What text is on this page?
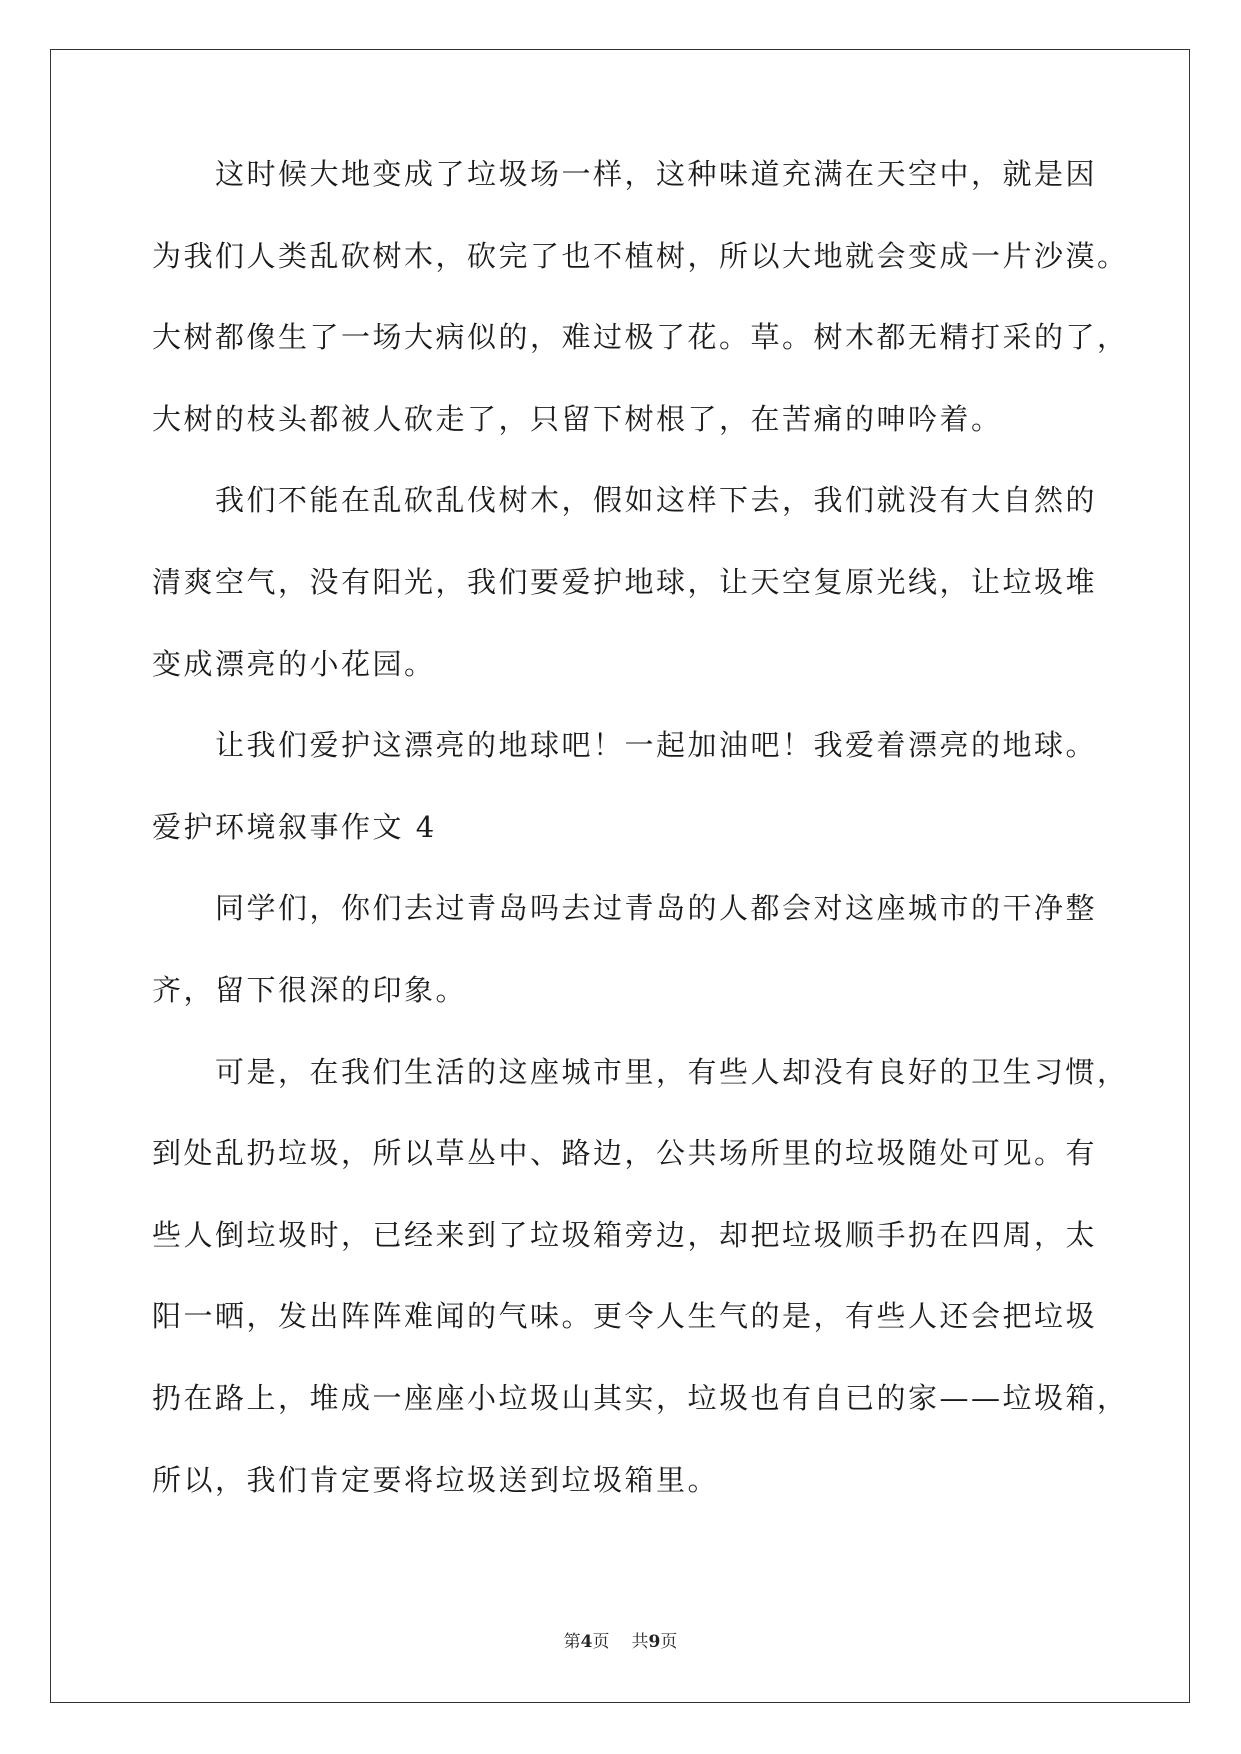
这时候大地变成了垃圾场一样，这种味道充满在天空中，就是因
为我们人类乱砍树木，砍完了也不植树，所以大地就会变成一片沙漠。
大树都像生了一场大病似的，难过极了花。草。树木都无精打采的了，
大树的枝头都被人砍走了，只留下树根了，在苦痛的呻吟着。
我们不能在乱砍乱伐树木，假如这样下去，我们就没有大自然的
清爽空气，没有阳光，我们要爱护地球，让天空复原光线，让垃圾堆
变成漂亮的小花园。
让我们爱护这漂亮的地球吧！一起加油吧！我爱着漂亮的地球。
爱护环境叙事作文 4
同学们，你们去过青岛吗去过青岛的人都会对这座城市的干净整
齐，留下很深的印象。
可是，在我们生活的这座城市里，有些人却没有良好的卫生习惯，
到处乱扔垃圾，所以草丛中、路边，公共场所里的垃圾随处可见。有
些人倒垃圾时，已经来到了垃圾箱旁边，却把垃圾顺手扔在四周，太
阳一晒，发出阵阵难闻的气味。更令人生气的是，有些人还会把垃圾
扔在路上，堆成一座座小垃圾山其实，垃圾也有自已的家——垃圾箱，
所以，我们肯定要将垃圾送到垃圾箱里。
第4页 共9页
